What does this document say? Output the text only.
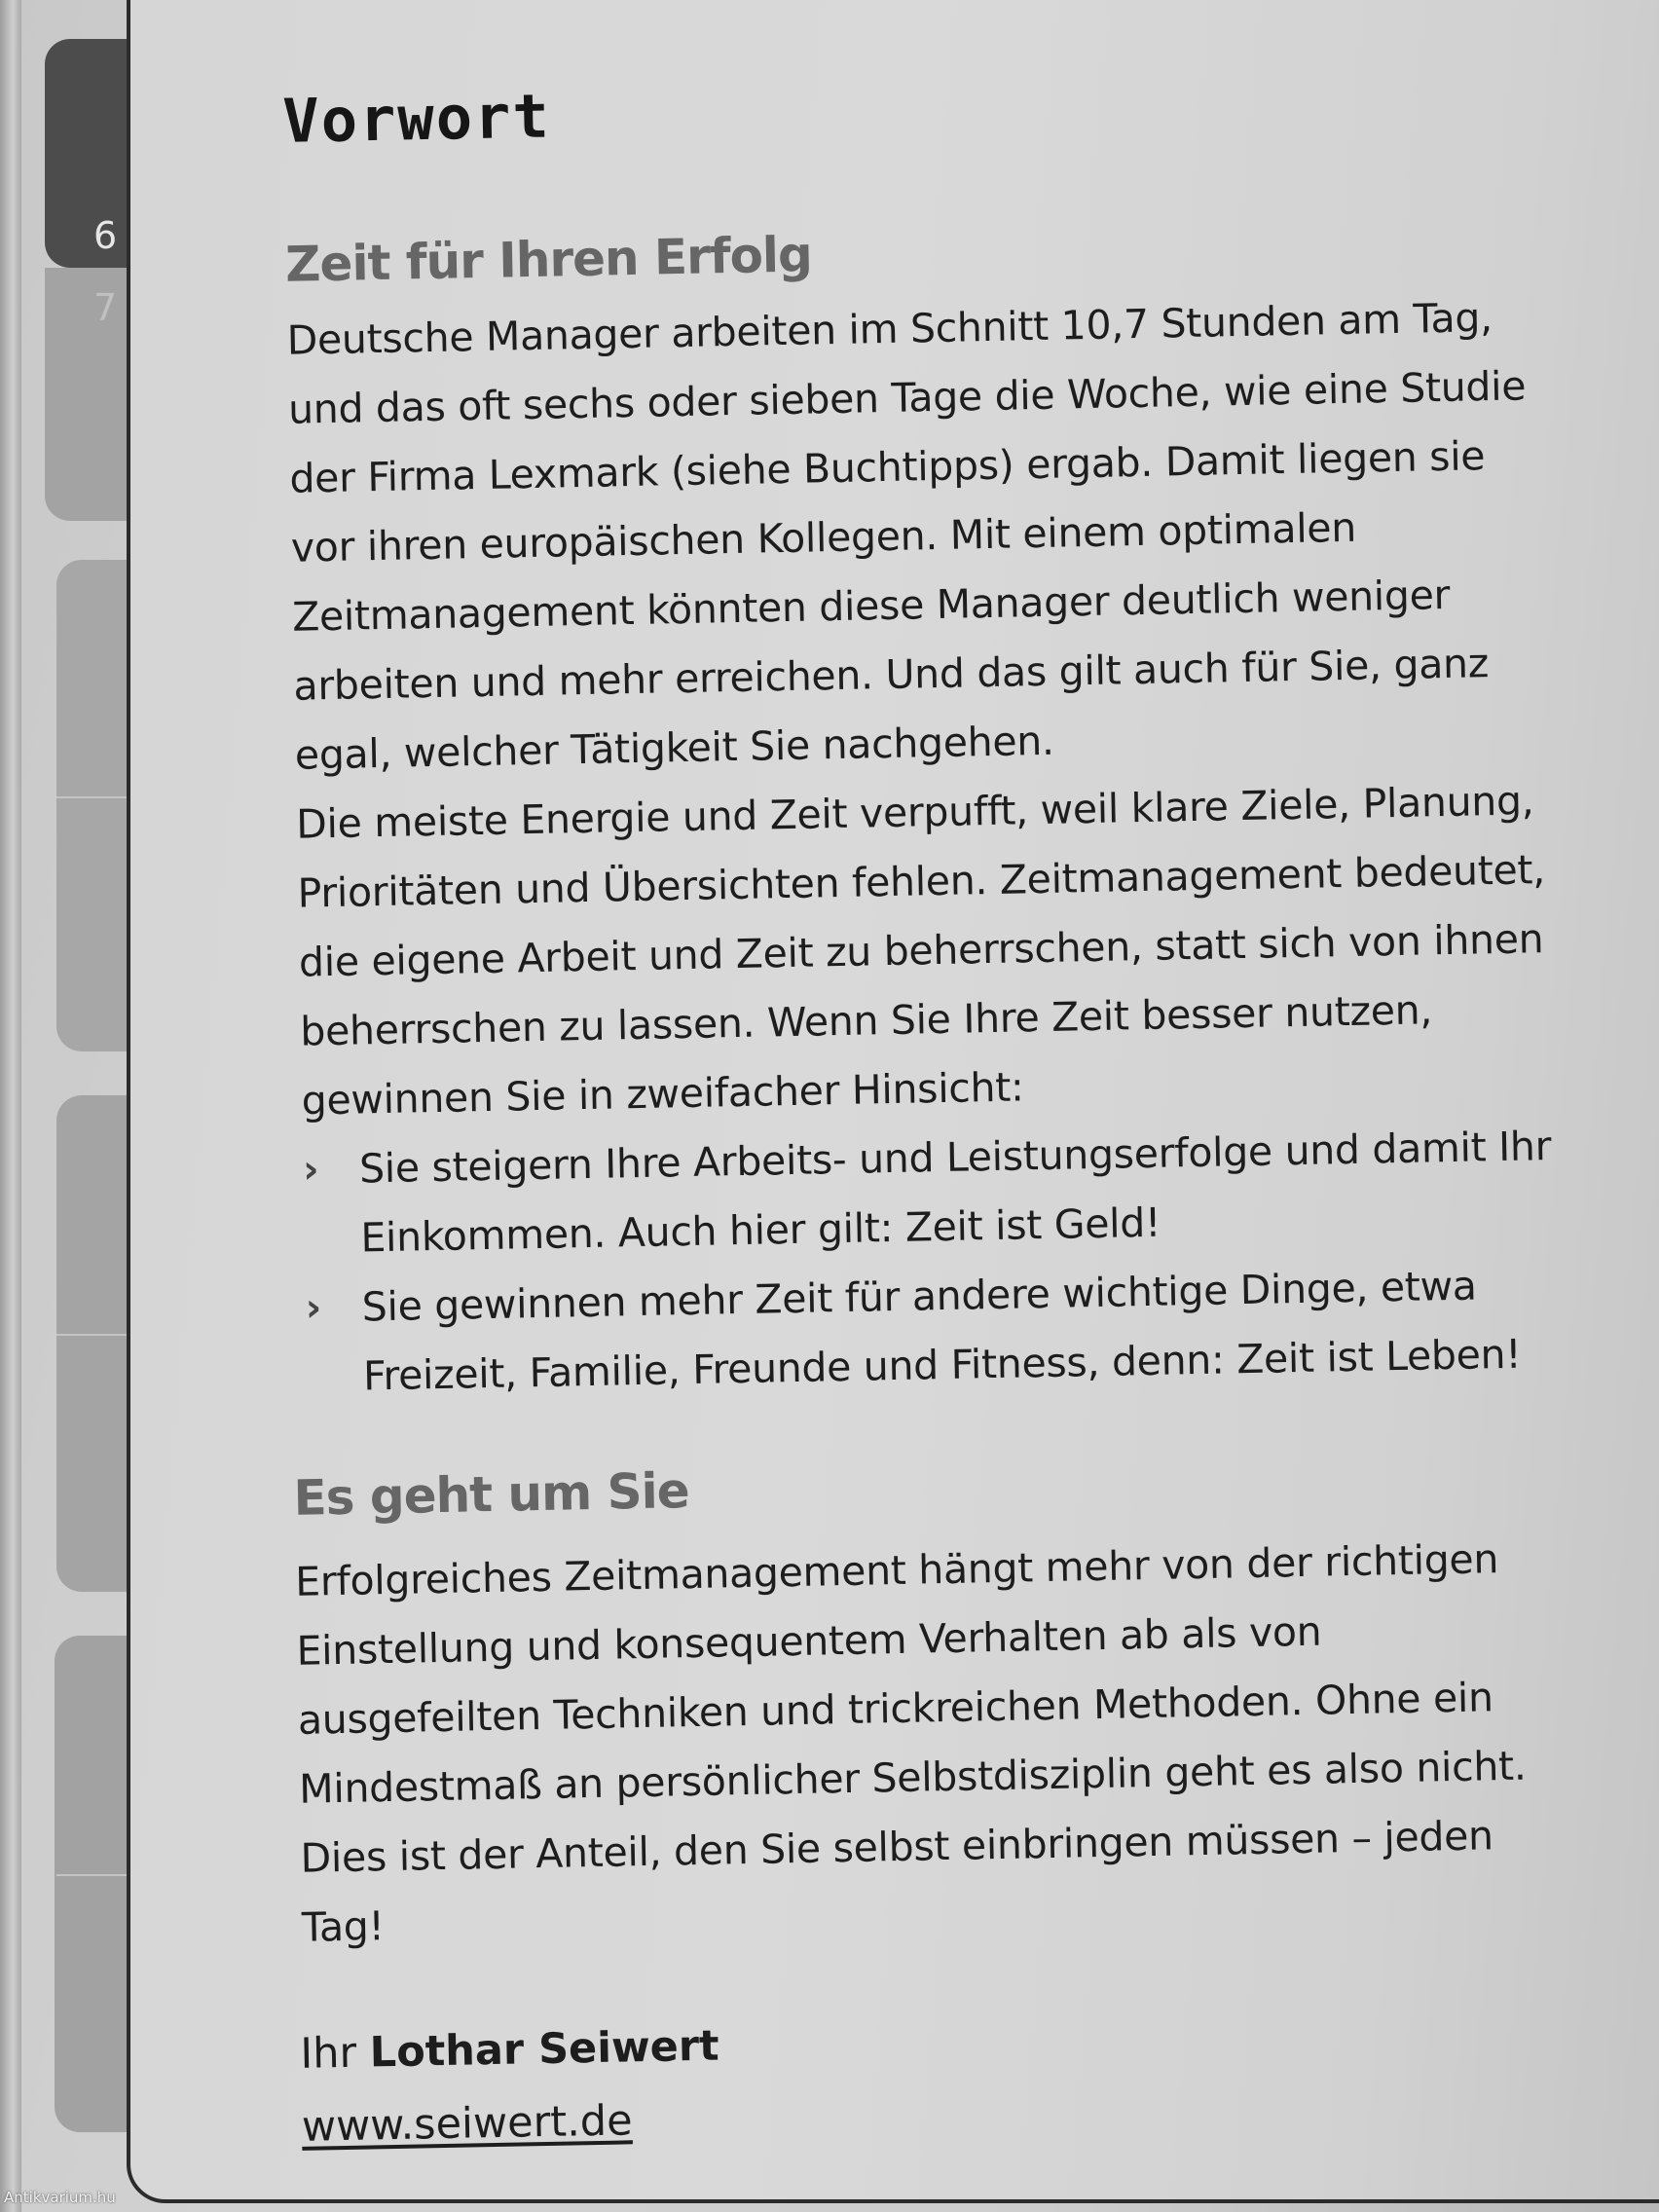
6
7
Vorwort
Zeit für Ihren Erfolg

Deutsche Manager arbeiten im Schnitt 10,7 Stunden am Tag, und das oft sechs oder sieben Tage die Woche, wie eine Studie der Firma Lexmark (siehe Buchtipps) ergab. Damit liegen sie vor ihren europäischen Kollegen. Mit einem optimalen Zeitmanagement könnten diese Manager deutlich weniger arbeiten und mehr erreichen. Und das gilt auch für Sie, ganz egal, welcher Tätigkeit Sie nachgehen.

Die meiste Energie und Zeit verpufft, weil klare Ziele, Planung, Prioritäten und Übersichten fehlen. Zeitmanagement bedeutet, die eigene Arbeit und Zeit zu beherrschen, statt sich von ihnen beherrschen zu lassen. Wenn Sie Ihre Zeit besser nutzen, gewinnen Sie in zweifacher Hinsicht:

› Sie steigern Ihre Arbeits- und Leistungserfolge und damit Ihr Einkommen. Auch hier gilt: Zeit ist Geld!
› Sie gewinnen mehr Zeit für andere wichtige Dinge, etwa Freizeit, Familie, Freunde und Fitness, denn: Zeit ist Leben!
Es geht um Sie

Erfolgreiches Zeitmanagement hängt mehr von der richtigen Einstellung und konsequentem Verhalten ab als von ausgefeilten Techniken und trickreichen Methoden. Ohne ein Mindestmaß an persönlicher Selbstdisziplin geht es also nicht. Dies ist der Anteil, den Sie selbst einbringen müssen – jeden Tag!

Ihr Lothar Seiwert
www.seiwert.de
Antikvarium.hu
